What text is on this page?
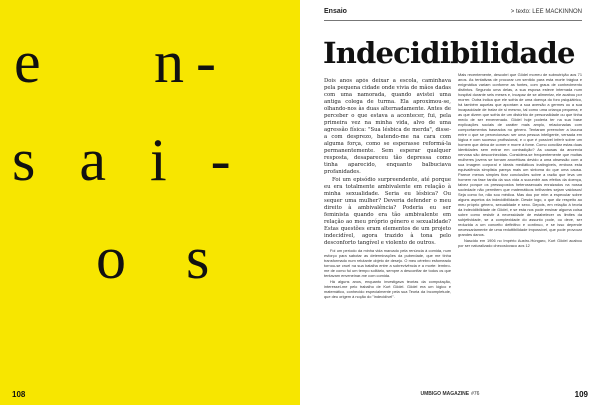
e n-
sai-
os
108
Ensaio	> texto: LEE MACKINNON
Indecidibilidade

Dois anos após deixar a escola, caminhava pela pequena cidade onde vivia de mãos dadas com uma namorada, quando avistei uma antiga colega de turma. Ela aproximou-se, olhando-nos às duas alternadamente. Antes de perceber o que estava a acontecer, fui, pela primeira vez na minha vida, alvo de uma agressão física: "Sua lésbica de merda", disse-a com desprezo, batendo-me na cara com alguma força, como se esperasse reformá-la permanentemente. Sem esperar qualquer resposta, desapareceu tão depressa como tinha aparecido, enquanto balbuciava profanidades.

Foi um episódio surpreendente, até porque eu era totalmente ambivalente em relação à minha sexualidade. Seria eu lésbica? Ou sequer uma mulher? Deveria defender o meu direito à ambivalência? Poderia eu ser feminista quando era tão ambivalente em relação ao meu próprio género e sexualidade? Estas questões eram elementos de um projeto indecidível, agora trazido à tona pelo desconforto tangível e violento de outros.

Foi um período da minha vida marcado pela renúncia à comida, num esforço para sabotar as determinações da puberdade, que me tinha transformado num relutante objeto de desejo. O meu cérebro esfomeado tornou-se cruel na sua batalha entre a sobrevivência e a morte: lembro-me de como fui um tempo solitário, sempre a desconfiar de todos os que tentavam enveneinar-me com comida.

Há alguns anos, enquanto investigava teorias da computação, interessei-me pelo trabalho de Kurt Gödel. Gödel era um lógico e matemático, conhecido especialmente pela sua Teoria da Incompletude, que deu origem à noção do "indecidível".

Mais recentemente, descobri que Gödel morreu de subnutrição aos 71 anos. As tentativas de procurar um sentido para esta morte trágica e enigmática variam conforme as fontes, com graus de conhecimento distintos. Segundo uma delas, a sua esposa esteve internada num hospital durante seis meses e, incapaz de se alimentar, ele acabou por morrer. Outra indica que ele sofria de uma doença do foro psiquiátrico, há também aquelas que apontam a sua aversão a germes ou a sua incapacidade de tratar de si mesmo, tal como uma criança pequena; e as que dizem que sofria de um distúrbio de personalidade ou que tinha medo de ser envenenado. Gödel hoje poderia ter na sua base explicações sociais de caráter mais amplo, relacionadas com comportamentos baseados no género. Tentaram preencher a lacuna entre o que se percecionava: ser uma pessoa inteligente, versada em lógica e com sucesso profissional, e o que é possível inferir sobre um homem que deixa de comer e morre à fome. Como conciliar estas duas identidades sem entrar em contradição? As causas da anorexia nervosa são desconhecidas. Considera-se frequentemente que muitas mulheres jovens se tornam anoréticas devido a uma obsessão com a sua imagem corporal e ideais mediáticos inatingíveis, embora esta equivalência simplista pareça mais um sintoma do que uma causa. Parece menos simples tirar conclusões sobre a razão que leva um homem na fase tardia da sua vida a sucumbir aos efeitos da doença, talvez porque os pressupostos heterossexuais enraizados na nossa sociedade não permitem que matemáticos brilhantes sejam vaidosos! Seja como for, não sou médica. Mas dou por mim a especular sobre alguns aspetos da indecidibilidade. Desde logo, o que diz respeito ao meu próprio género, sexualidade e sexo. Depois, em relação à teoria da indecidibilidade de Gödel, e se esta nos pode ensinar alguma coisa sobre como resistir à necessidade de estabelecer os limites da subjetividade, se a complexidade do assunto pode, ou deve, ser reduzida a um conceito definitivo e contínuo, e se isso depende necessariamente de uma reduttibilidade impossível, que pode provocar grandes danos.

Nascido em 1906 no Império Austro-Húngaro, Kurt Gödel acabou por ser naturalizado checoslovaco aos 12

UMBIGO MAGAZINE #76	109
